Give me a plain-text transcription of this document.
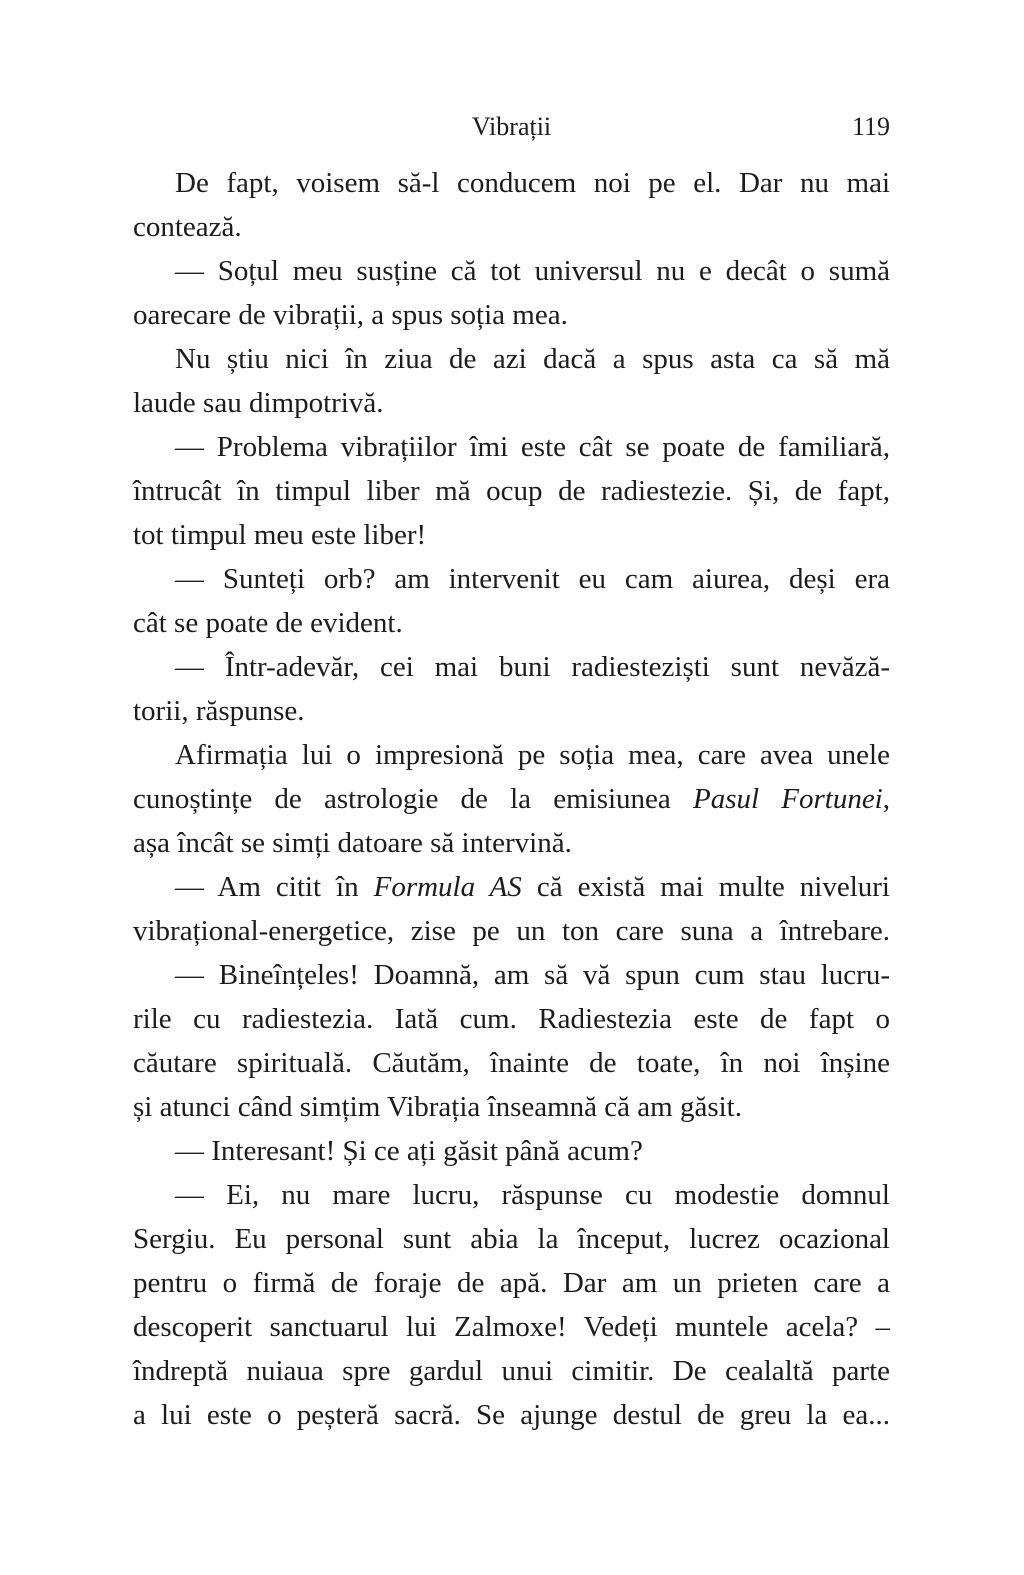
Vibrații	119
De fapt, voisem să-l conducem noi pe el. Dar nu mai
contează.
— Soțul meu susține că tot universul nu e decât o sumă
oarecare de vibrații, a spus soția mea.
Nu știu nici în ziua de azi dacă a spus asta ca să mă
laude sau dimpotrivă.
— Problema vibrațiilor îmi este cât se poate de familiară,
întrucât în timpul liber mă ocup de radiestezie. Și, de fapt,
tot timpul meu este liber!
— Sunteți orb? am intervenit eu cam aiurea, deși era
cât se poate de evident.
— Într-adevăr, cei mai buni radiesteziști sunt nevăză-
torii, răspunse.
Afirmația lui o impresionă pe soția mea, care avea unele
cunoștințe de astrologie de la emisiunea Pasul Fortunei,
așa încât se simți datoare să intervină.
— Am citit în Formula AS că există mai multe niveluri
vibrațional-energetice, zise pe un ton care suna a întrebare.
— Bineînțeles! Doamnă, am să vă spun cum stau lucru-
rile cu radiestezia. Iată cum. Radiestezia este de fapt o
căutare spirituală. Căutăm, înainte de toate, în noi înșine
și atunci când simțim Vibrația înseamnă că am găsit.
— Interesant! Și ce ați găsit până acum?
— Ei, nu mare lucru, răspunse cu modestie domnul
Sergiu. Eu personal sunt abia la început, lucrez ocazional
pentru o firmă de foraje de apă. Dar am un prieten care a
descoperit sanctuarul lui Zalmoxe! Vedeți muntele acela? –
îndreptă nuiaua spre gardul unui cimitir. De cealaltă parte
a lui este o peșteră sacră. Se ajunge destul de greu la ea...
